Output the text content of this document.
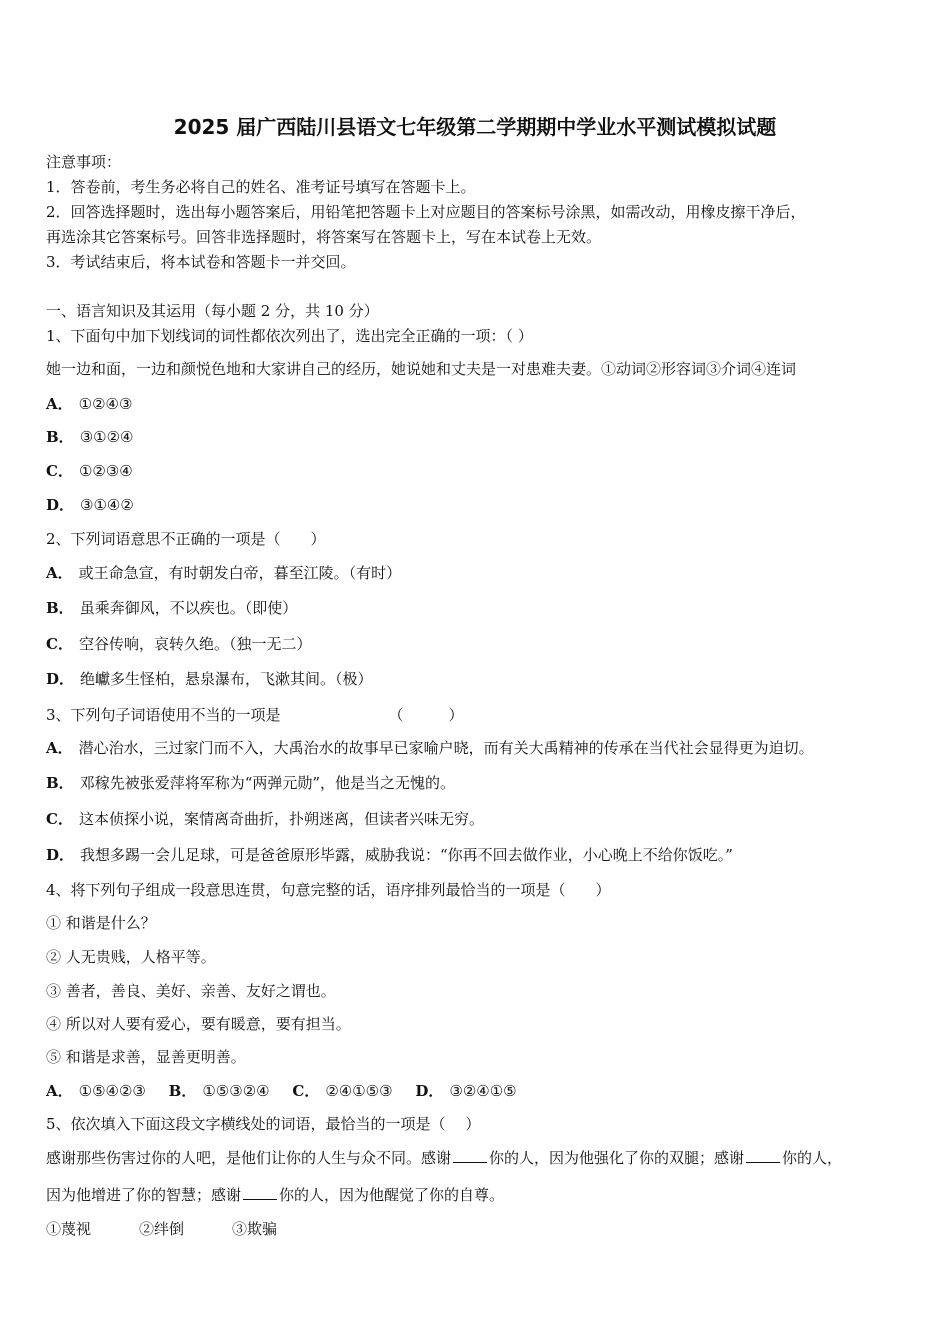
2025 届广西陆川县语文七年级第二学期期中学业水平测试模拟试题
注意事项：
1．答卷前，考生务必将自己的姓名、准考证号填写在答题卡上。
2．回答选择题时，选出每小题答案后，用铅笔把答题卡上对应题目的答案标号涂黑，如需改动，用橡皮擦干净后，
再选涂其它答案标号。回答非选择题时，将答案写在答题卡上，写在本试卷上无效。
3．考试结束后，将本试卷和答题卡一并交回。
一、语言知识及其运用（每小题 2 分，共 10 分）
1、下面句中加下划线词的词性都依次列出了，选出完全正确的一项：（ ）
她一边和面，一边和颜悦色地和大家讲自己的经历，她说她和丈夫是一对患难夫妻。①动词②形容词③介词④连词
A． ①②④③
B． ③①②④
C． ①②③④
D． ③①④②
2、下列词语意思不正确的一项是（　　）
A． 或王命急宣，有时朝发白帝，暮至江陵。（有时）
B． 虽乘奔御风，不以疾也。（即使）
C． 空谷传响，哀转久绝。（独一无二）
D． 绝巘多生怪柏，悬泉瀑布，飞漱其间。（极）
3、下列句子词语使用不当的一项是	（　　　）
A． 潜心治水，三过家门而不入，大禹治水的故事早已家喻户晓，而有关大禹精神的传承在当代社会显得更为迫切。
B． 邓稼先被张爱萍将军称为“两弹元勋”，他是当之无愧的。
C． 这本侦探小说，案情离奇曲折，扑朔迷离，但读者兴味无穷。
D． 我想多踢一会儿足球，可是爸爸原形毕露，威胁我说：“你再不回去做作业，小心晚上不给你饭吃。”
4、将下列句子组成一段意思连贯，句意完整的话，语序排列最恰当的一项是（　　）
① 和谐是什么？
② 人无贵贱，人格平等。
③ 善者，善良、美好、亲善、友好之谓也。
④ 所以对人要有爱心，要有暖意，要有担当。
⑤ 和谐是求善，显善更明善。
A． ①⑤④②③ B． ①⑤③②④ C． ②④①⑤③ D． ③②④①⑤
5、依次填入下面这段文字横线处的词语，最恰当的一项是（　 ）
感谢那些伤害过你的人吧，是他们让你的人生与众不同。感谢	你的人，因为他强化了你的双腿；感谢	你的人，
因为他增进了你的智慧；感谢	你的人，因为他醒觉了你的自尊。
①蔑视	②绊倒	③欺骗
